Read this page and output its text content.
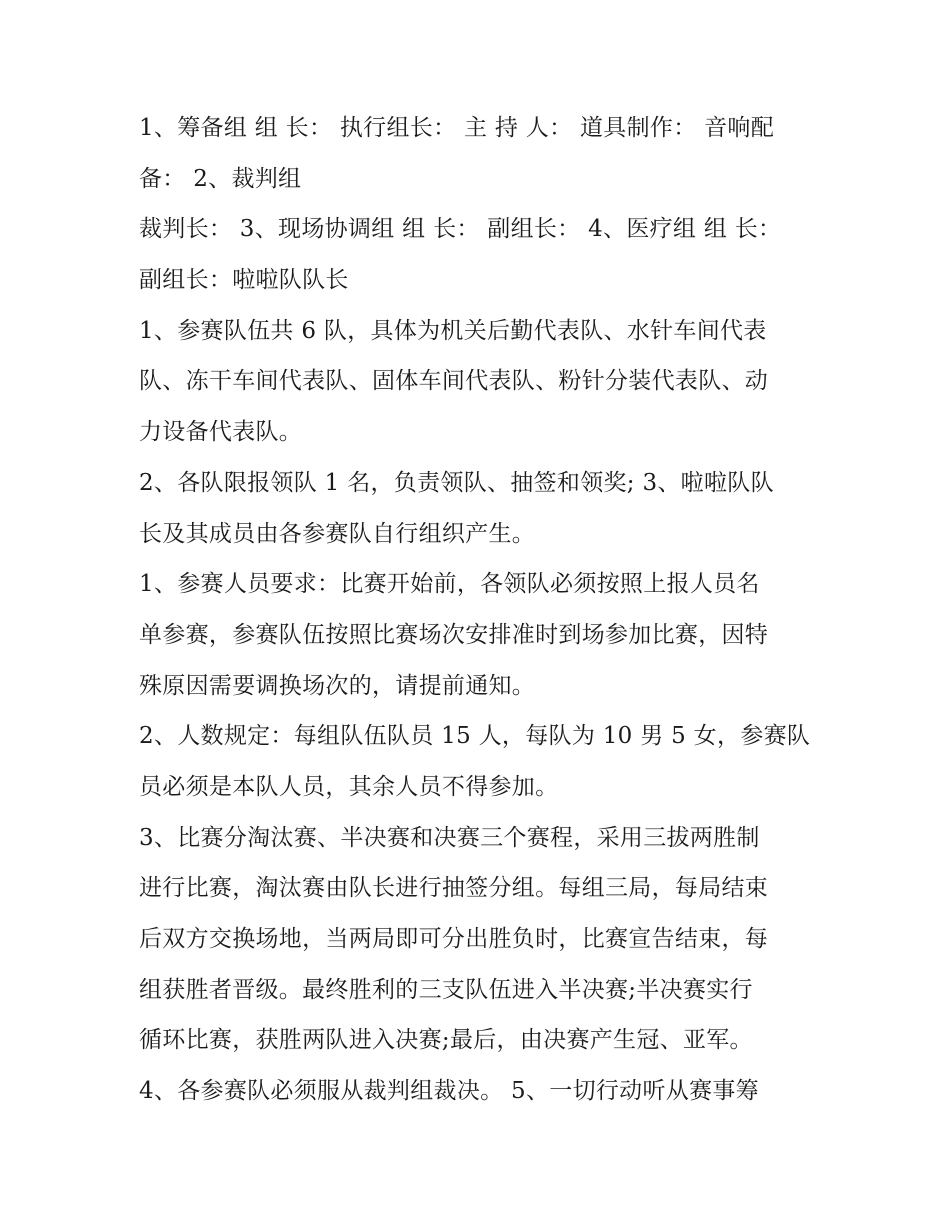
1、筹备组 组 长： 执行组长： 主 持 人： 道具制作： 音响配
备： 2、裁判组
裁判长： 3、现场协调组 组 长： 副组长： 4、医疗组 组 长：
副组长：啦啦队队长
1、参赛队伍共 6 队，具体为机关后勤代表队、水针车间代表
队、冻干车间代表队、固体车间代表队、粉针分装代表队、动
力设备代表队。
2、各队限报领队 1 名，负责领队、抽签和领奖; 3、啦啦队队
长及其成员由各参赛队自行组织产生。
1、参赛人员要求：比赛开始前，各领队必须按照上报人员名
单参赛，参赛队伍按照比赛场次安排准时到场参加比赛，因特
殊原因需要调换场次的，请提前通知。
2、人数规定：每组队伍队员 15 人，每队为 10 男 5 女，参赛队
员必须是本队人员，其余人员不得参加。
3、比赛分淘汰赛、半决赛和决赛三个赛程，采用三拔两胜制
进行比赛，淘汰赛由队长进行抽签分组。每组三局，每局结束
后双方交换场地，当两局即可分出胜负时，比赛宣告结束，每
组获胜者晋级。最终胜利的三支队伍进入半决赛;半决赛实行
循环比赛，获胜两队进入决赛;最后，由决赛产生冠、亚军。
4、各参赛队必须服从裁判组裁决。 5、一切行动听从赛事筹
